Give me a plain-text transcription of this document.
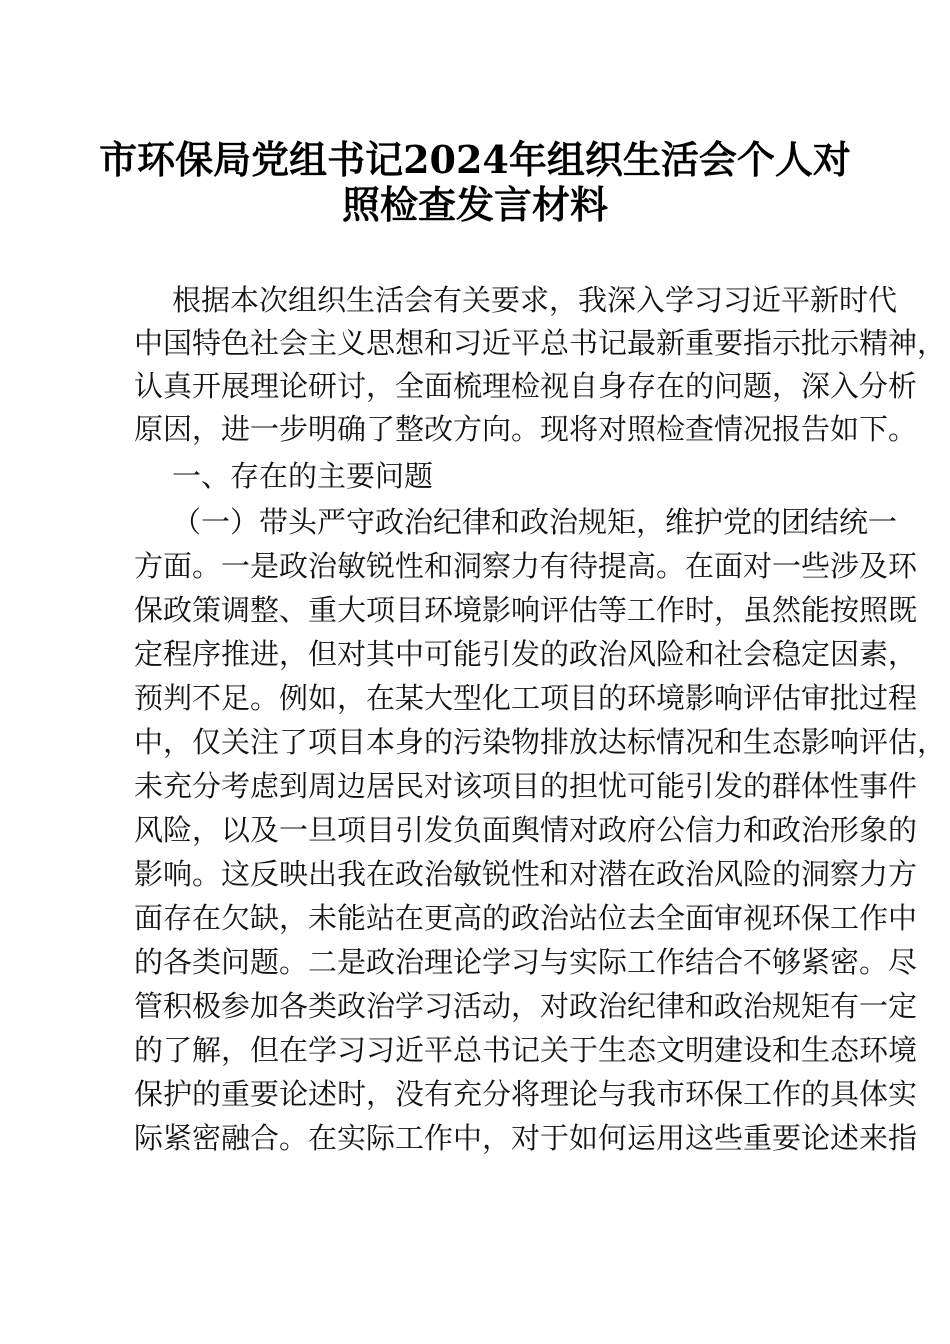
市环保局党组书记2024年组织生活会个人对
照检查发言材料
根据本次组织生活会有关要求，我深入学习习近平新时代
中国特色社会主义思想和习近平总书记最新重要指示批示精神，
认真开展理论研讨，全面梳理检视自身存在的问题，深入分析
原因，进一步明确了整改方向。现将对照检查情况报告如下。
一、存在的主要问题
（一）带头严守政治纪律和政治规矩，维护党的团结统一
方面。一是政治敏锐性和洞察力有待提高。在面对一些涉及环
保政策调整、重大项目环境影响评估等工作时，虽然能按照既
定程序推进，但对其中可能引发的政治风险和社会稳定因素，
预判不足。例如，在某大型化工项目的环境影响评估审批过程
中，仅关注了项目本身的污染物排放达标情况和生态影响评估，
未充分考虑到周边居民对该项目的担忧可能引发的群体性事件
风险，以及一旦项目引发负面舆情对政府公信力和政治形象的
影响。这反映出我在政治敏锐性和对潜在政治风险的洞察力方
面存在欠缺，未能站在更高的政治站位去全面审视环保工作中
的各类问题。二是政治理论学习与实际工作结合不够紧密。尽
管积极参加各类政治学习活动，对政治纪律和政治规矩有一定
的了解，但在学习习近平总书记关于生态文明建设和生态环境
保护的重要论述时，没有充分将理论与我市环保工作的具体实
际紧密融合。在实际工作中，对于如何运用这些重要论述来指
